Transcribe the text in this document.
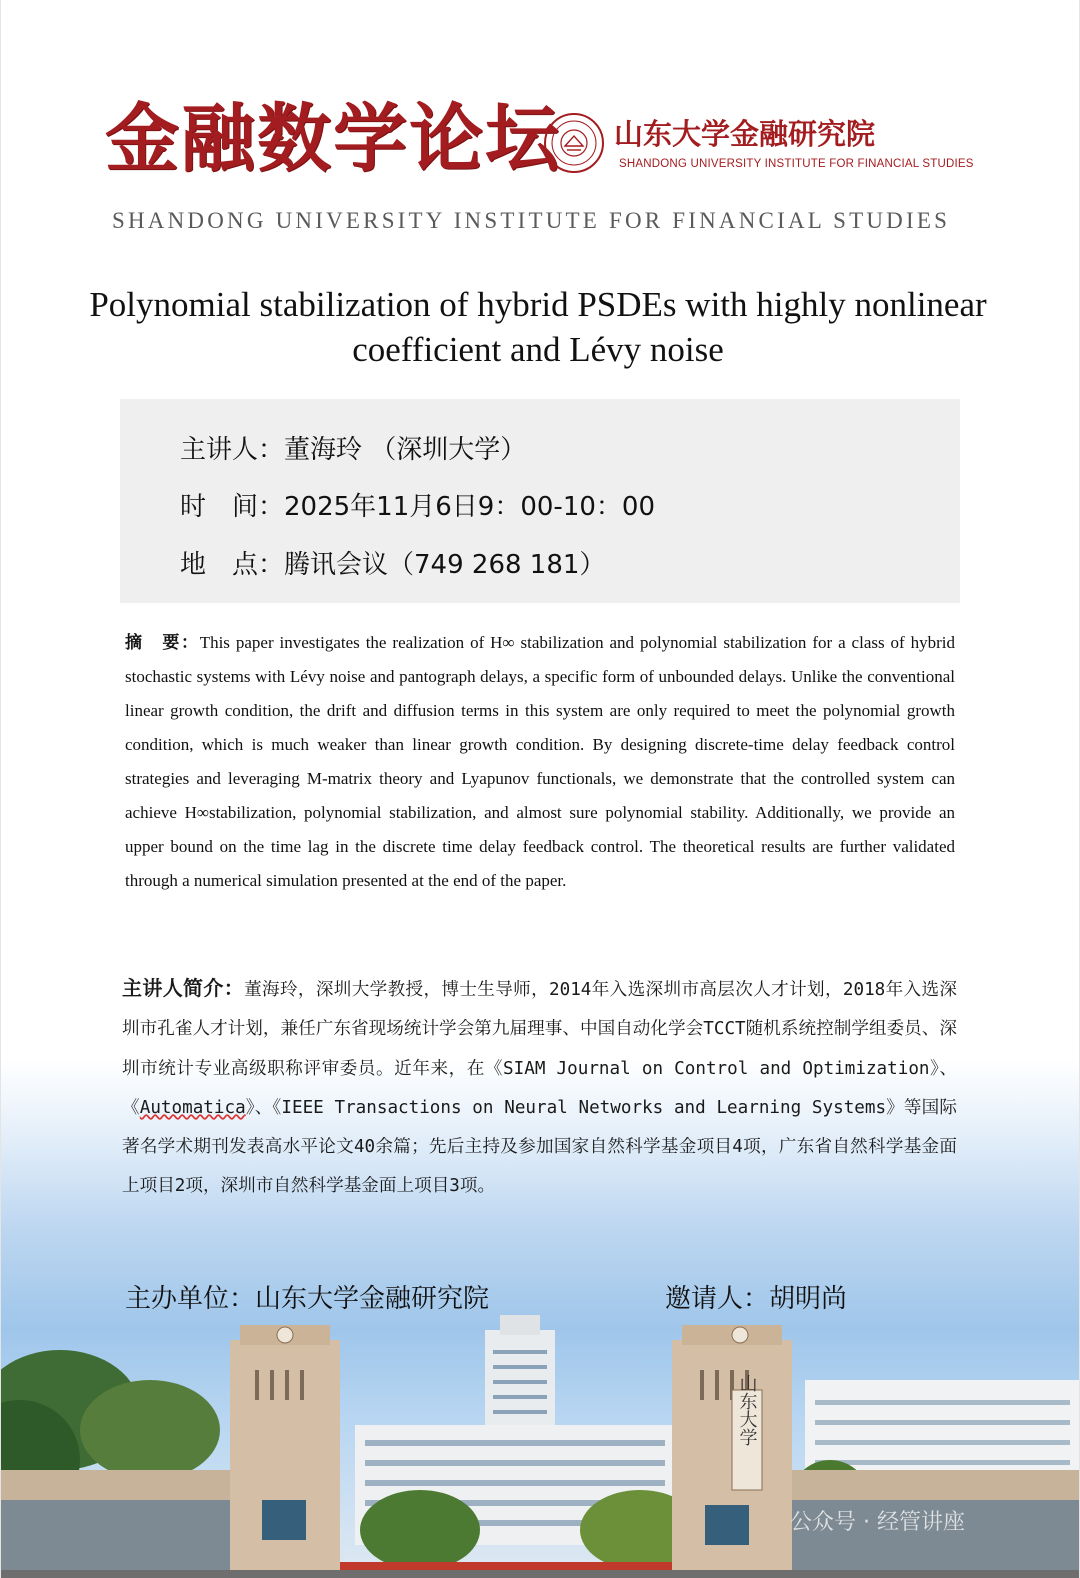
金融数学论坛 山东大学金融研究院
SHANDONG UNIVERSITY INSTITUTE FOR FINANCIAL STUDIES
SHANDONG UNIVERSITY INSTITUTE FOR FINANCIAL STUDIES
Polynomial stabilization of hybrid PSDEs with highly nonlinear
coefficient and Lévy noise
主讲人：董海玲 （深圳大学）
时　间：2025年11月6日9：00-10：00
地　点：腾讯会议（749 268 181）
摘　要：This paper investigates the realization of H∞ stabilization and polynomial stabilization for a class of hybrid stochastic systems with Lévy noise and pantograph delays, a specific form of unbounded delays. Unlike the conventional linear growth condition, the drift and diffusion terms in this system are only required to meet the polynomial growth condition, which is much weaker than linear growth condition. By designing discrete-time delay feedback control strategies and leveraging M-matrix theory and Lyapunov functionals, we demonstrate that the controlled system can achieve H∞stabilization, polynomial stabilization, and almost sure polynomial stability. Additionally, we provide an upper bound on the time lag in the discrete time delay feedback control. The theoretical results are further validated through a numerical simulation presented at the end of the paper.
主讲人简介：董海玲，深圳大学教授，博士生导师，2014年入选深圳市高层次人才计划，2018年入选深圳市孔雀人才计划，兼任广东省现场统计学会第九届理事、中国自动化学会TCCT随机系统控制学组委员、深圳市统计专业高级职称评审委员。近年来，在《SIAM Journal on Control and Optimization》、《Automatica》、《IEEE Transactions on Neural Networks and Learning Systems》等国际著名学术期刊发表高水平论文40余篇；先后主持及参加国家自然科学基金项目4项，广东省自然科学基金面上项目2项，深圳市自然科学基金面上项目3项。
山东大学
主办单位：山东大学金融研究院	邀请人：胡明尚
公众号 · 经管讲座
